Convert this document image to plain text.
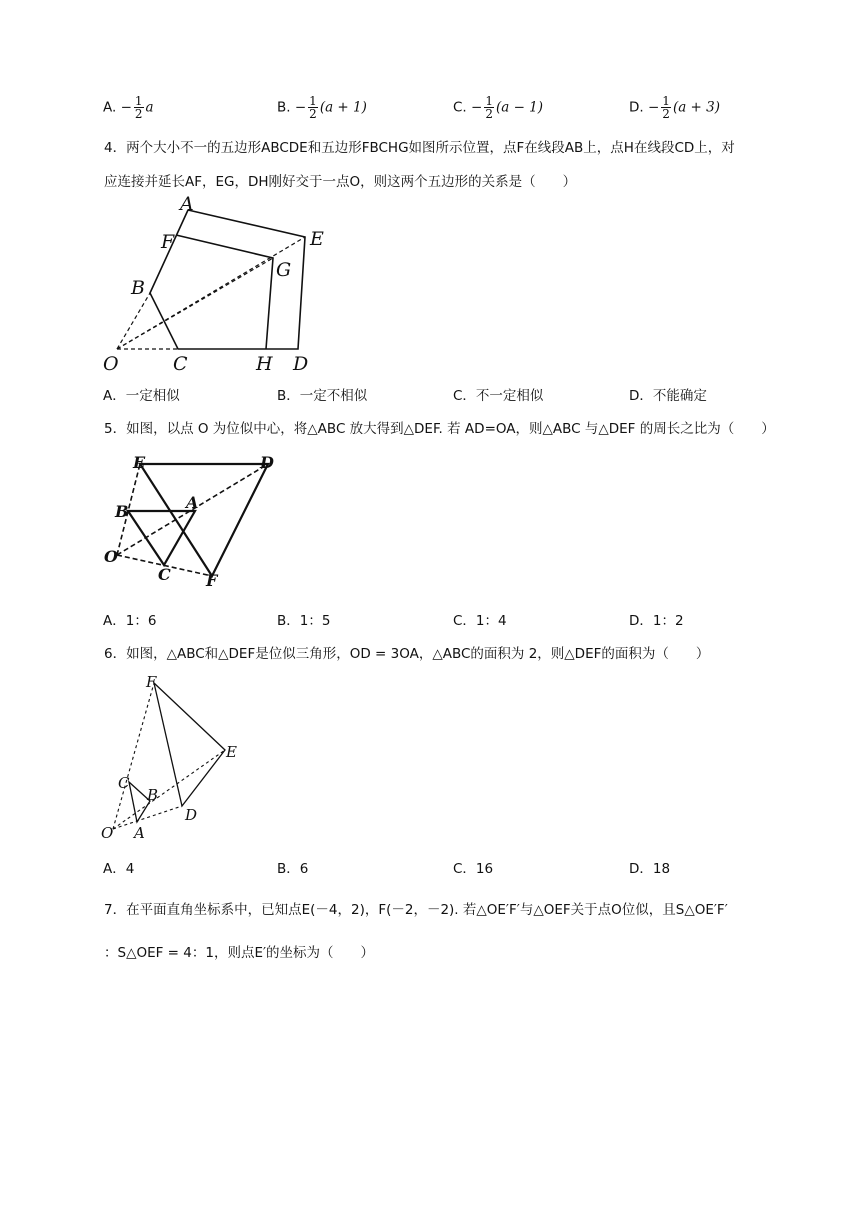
A. − $\frac{1}{2}$ a	B. − $\frac{1}{2} (a + 1)$	C. − $\frac{1}{2} (a - 1)$	D. − $\frac{1}{2} (a + 3)$
4．两个大小不一的五边形ABCDE和五边形FBCHG如图所示位置，点F在线段AB上，点H在线段CD上，对
应连接并延长AF，EG，DH刚好交于一点O，则这两个五边形的关系是（　　）
A
F	E
G
B
O	C	H D
A．一定相似	B．一定不相似	C．不一定相似	D．不能确定
5．如图，以点 O 为位似中心，将△ABC 放大得到△DEF. 若 AD=OA，则△ABC 与△DEF 的周长之比为（　　）
E	D
B	A
O
C F
A．1：6	B．1：5	C．1：4	D．1：2
6．如图，△ABC和△DEF是位似三角形，OD = 3OA，△ABC的面积为 2，则△DEF的面积为（　　）
F
E
C
B
D
O A
A．4	B．6	C．16	D．18
7．在平面直角坐标系中，已知点E(－4，2)，F(－2，－2). 若△OE′F′与△OEF关于点O位似，且S△OE′F′
：S△OEF = 4：1，则点E′的坐标为（　　）
